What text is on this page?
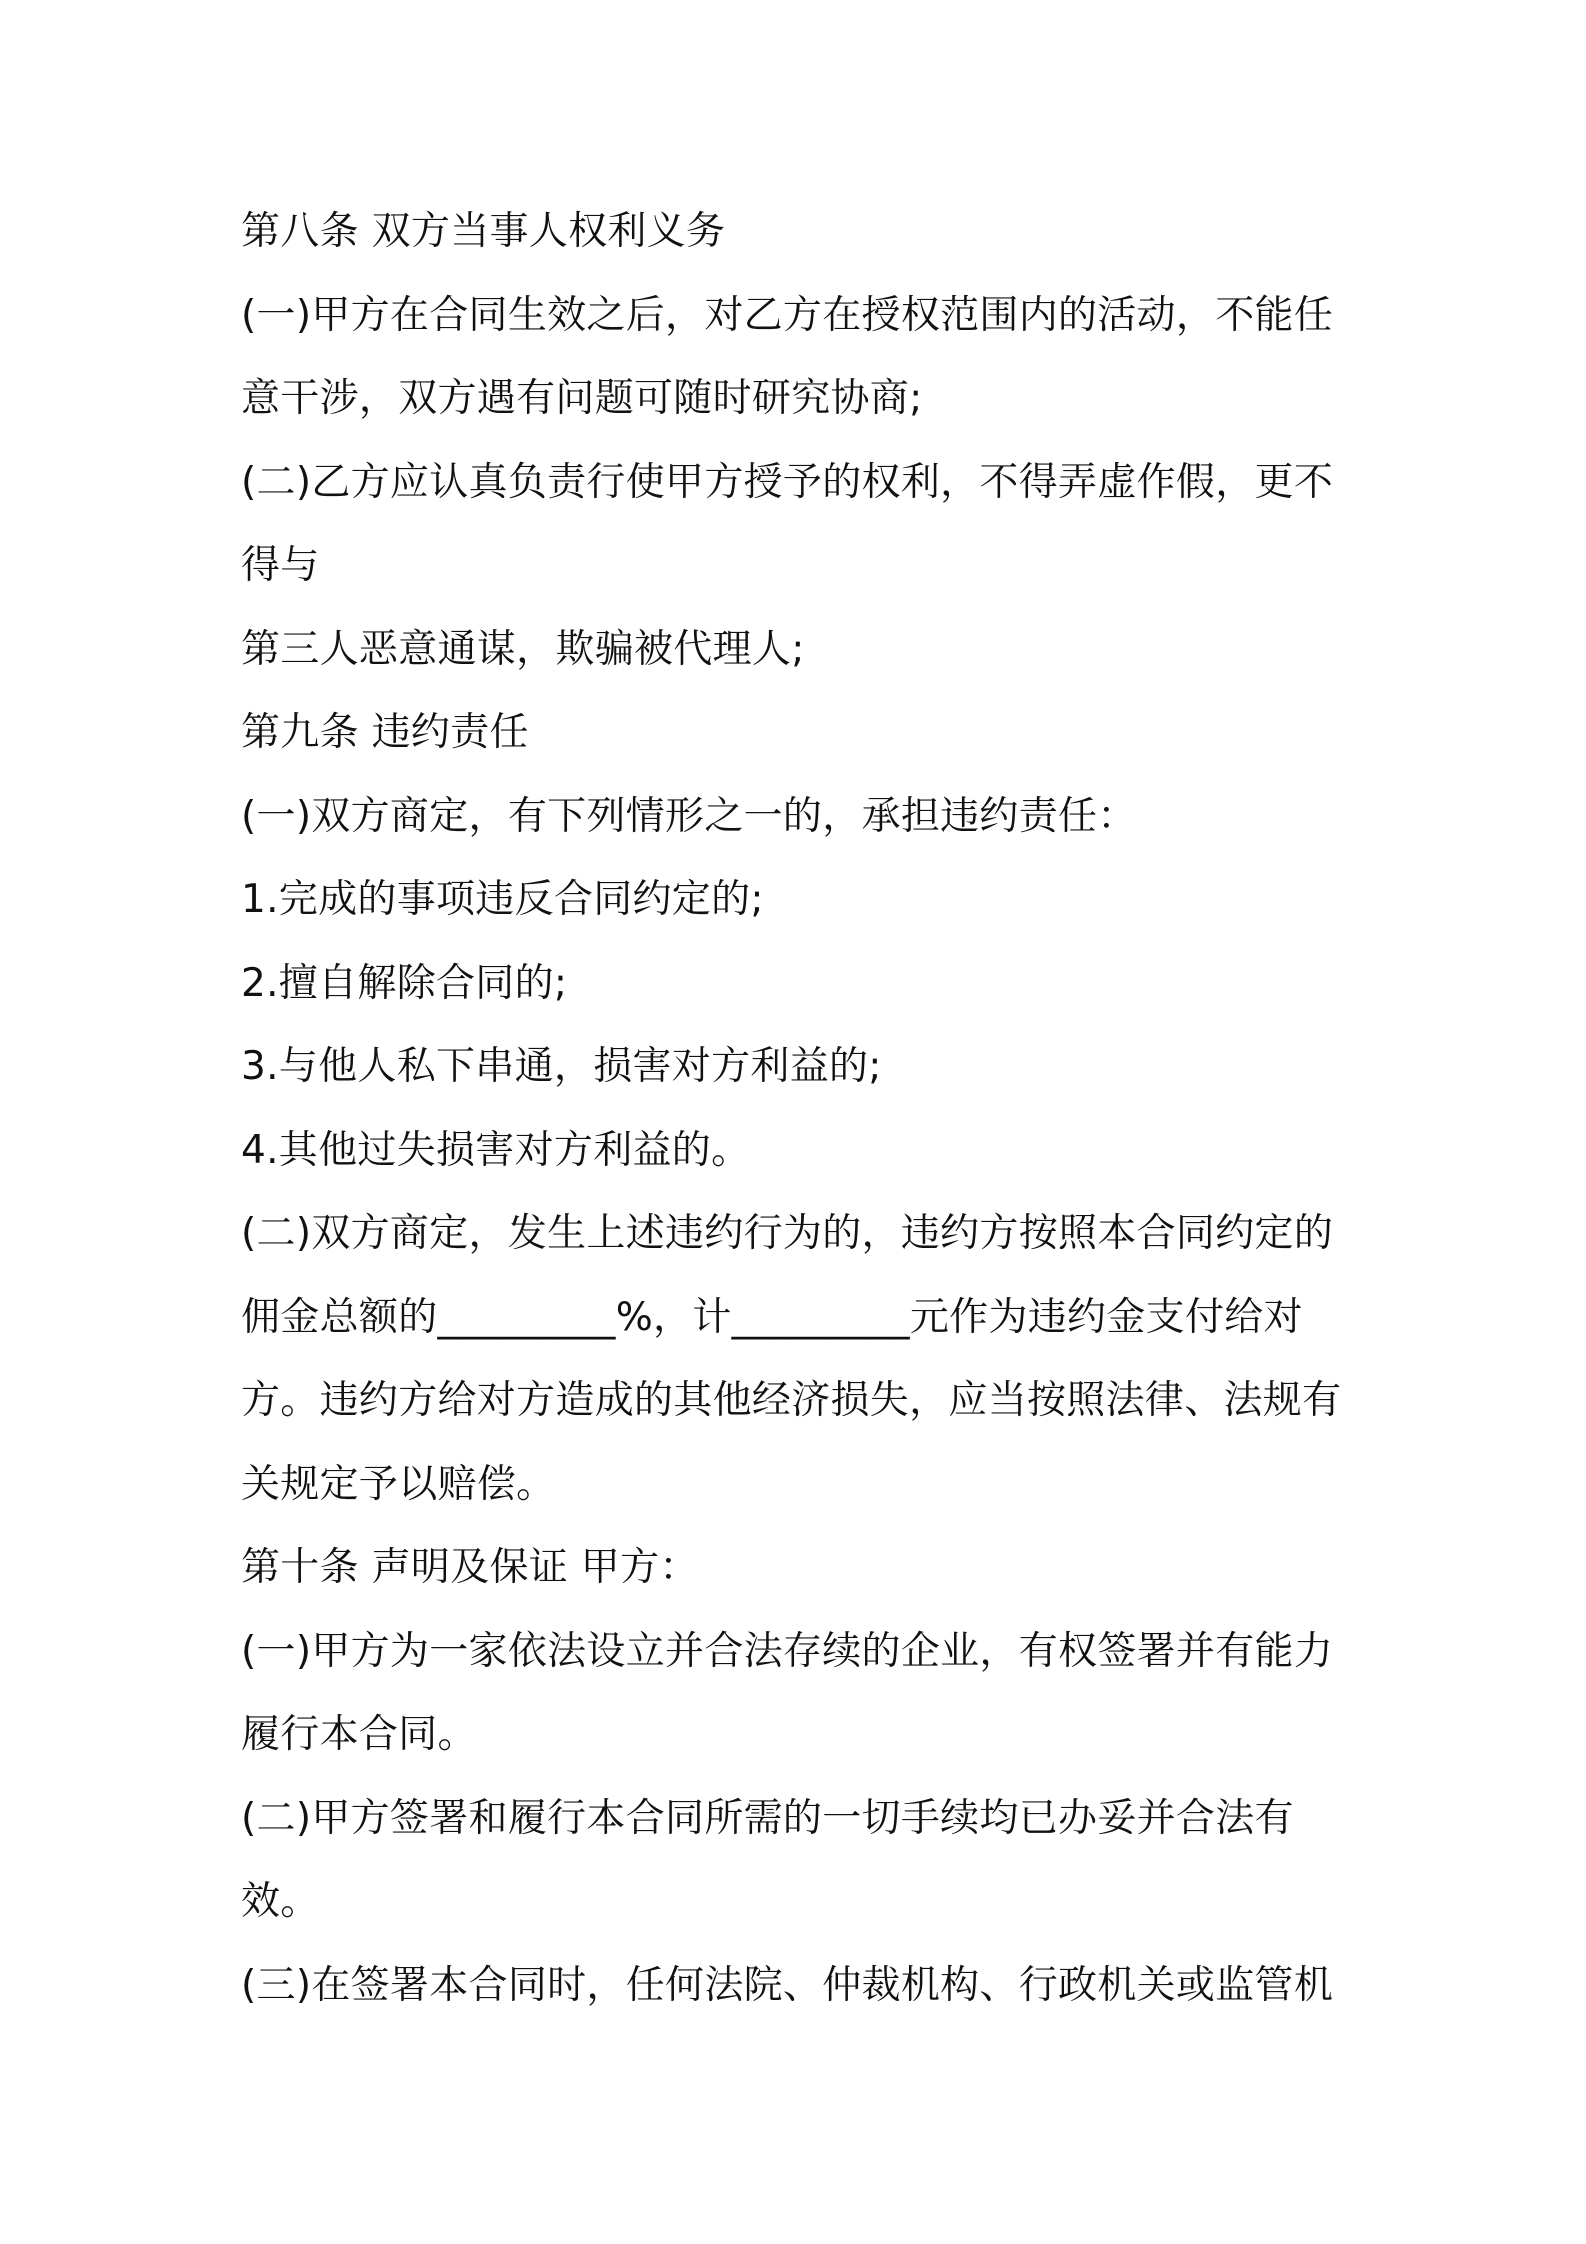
第八条 双方当事人权利义务
(一)甲方在合同生效之后，对乙方在授权范围内的活动，不能任
意干涉，双方遇有问题可随时研究协商;
(二)乙方应认真负责行使甲方授予的权利，不得弄虚作假，更不
得与
第三人恶意通谋，欺骗被代理人;
第九条 违约责任
(一)双方商定，有下列情形之一的，承担违约责任：
1.完成的事项违反合同约定的;
2.擅自解除合同的;
3.与他人私下串通，损害对方利益的;
4.其他过失损害对方利益的。
(二)双方商定，发生上述违约行为的，违约方按照本合同约定的
佣金总额的_________%，计_________元作为违约金支付给对
方。违约方给对方造成的其他经济损失，应当按照法律、法规有
关规定予以赔偿。
第十条 声明及保证 甲方：
(一)甲方为一家依法设立并合法存续的企业，有权签署并有能力
履行本合同。
(二)甲方签署和履行本合同所需的一切手续均已办妥并合法有
效。
(三)在签署本合同时，任何法院、仲裁机构、行政机关或监管机
